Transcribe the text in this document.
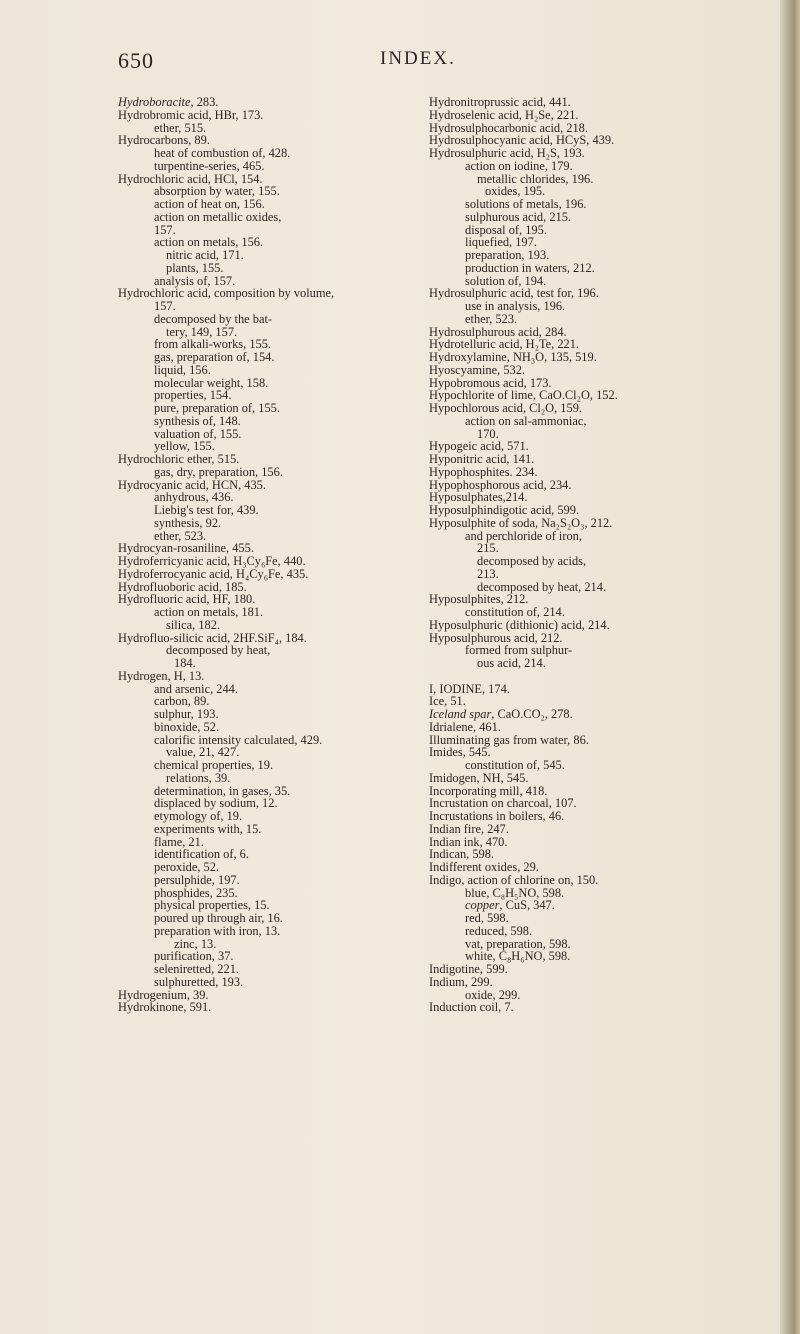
650	INDEX.
Hydroboracite, 283.
Hydrobromic acid, HBr, 173.
ether, 515.
Hydrocarbons, 89.
heat of combustion of, 428.
turpentine-series, 465.
Hydrochloric acid, HCl, 154.
absorption by water, 155.
action of heat on, 156.
action on metallic oxides,
157.
action on metals, 156.
nitric acid, 171.
plants, 155.
analysis of, 157.
Hydrochloric acid, composition by volume,
157.
decomposed by the bat-
tery, 149, 157.
from alkali-works, 155.
gas, preparation of, 154.
liquid, 156.
molecular weight, 158.
properties, 154.
pure, preparation of, 155.
synthesis of, 148.
valuation of, 155.
yellow, 155.
Hydrochloric ether, 515.
gas, dry, preparation, 156.
Hydrocyanic acid, HCN, 435.
anhydrous, 436.
Liebig's test for, 439.
synthesis, 92.
ether, 523.
Hydrocyan-rosaniline, 455.
Hydroferricyanic acid, H₃Cy₆Fe, 440.
Hydroferrocyanic acid, H₄Cy₆Fe, 435.
Hydrofluoboric acid, 185.
Hydrofluoric acid, HF, 180.
action on metals, 181.
silica, 182.
Hydrofluo-silicic acid, 2HF.SiF₄, 184.
decomposed by heat,
184.
Hydrogen, H, 13.
and arsenic, 244.
carbon, 89.
sulphur, 193.
binoxide, 52.
calorific intensity calculated, 429.
value, 21, 427.
chemical properties, 19.
relations, 39.
determination, in gases, 35.
displaced by sodium, 12.
etymology of, 19.
experiments with, 15.
flame, 21.
identification of, 6.
peroxide, 52.
persulphide, 197.
phosphides, 235.
physical properties, 15.
poured up through air, 16.
preparation with iron, 13.
zinc, 13.
purification, 37.
seleniretted, 221.
sulphuretted, 193.
Hydrogenium, 39.
Hydrokinone, 591.
Hydronitroprussic acid, 441.
Hydroselenic acid, H₂Se, 221.
Hydrosulphocarbonic acid, 218.
Hydrosulphocyanic acid, HCyS, 439.
Hydrosulphuric acid, H₂S, 193.
action on iodine, 179.
metallic chlorides, 196.
oxides, 195.
solutions of metals, 196.
sulphurous acid, 215.
disposal of, 195.
liquefied, 197.
preparation, 193.
production in waters, 212.
solution of, 194.
Hydrosulphuric acid, test for, 196.
use in analysis, 196.
ether, 523.
Hydrosulphurous acid, 284.
Hydrotelluric acid, H₂Te, 221.
Hydroxylamine, NH₃O, 135, 519.
Hyoscyamine, 532.
Hypobromous acid, 173.
Hypochlorite of lime, CaO.Cl₂O, 152.
Hypochlorous acid, Cl₂O, 159.
action on sal-ammoniac,
170.
Hypogeic acid, 571.
Hyponitric acid, 141.
Hypophosphites. 234.
Hypophosphorous acid, 234.
Hyposulphates,214.
Hyposulphindigotic acid, 599.
Hyposulphite of soda, Na₂S₂O₃, 212.
and perchloride of iron,
215.
decomposed by acids,
213.
decomposed by heat, 214.
Hyposulphites, 212.
constitution of, 214.
Hyposulphuric (dithionic) acid, 214.
Hyposulphurous acid, 212.
formed from sulphur-
ous acid, 214.
I, IODINE, 174.
Ice, 51.
Iceland spar, CaO.CO₂, 278.
Idrialene, 461.
Illuminating gas from water, 86.
Imides, 545.
constitution of, 545.
Imidogen, NH, 545.
Incorporating mill, 418.
Incrustation on charcoal, 107.
Incrustations in boilers, 46.
Indian fire, 247.
Indian ink, 470.
Indican, 598.
Indifferent oxides, 29.
Indigo, action of chlorine on, 150.
blue, C₈H₅NO, 598.
copper, CuS, 347.
red, 598.
reduced, 598.
vat, preparation, 598.
white, C₈H₆NO, 598.
Indigotine, 599.
Indium, 299.
oxide, 299.
Induction coil, 7.
